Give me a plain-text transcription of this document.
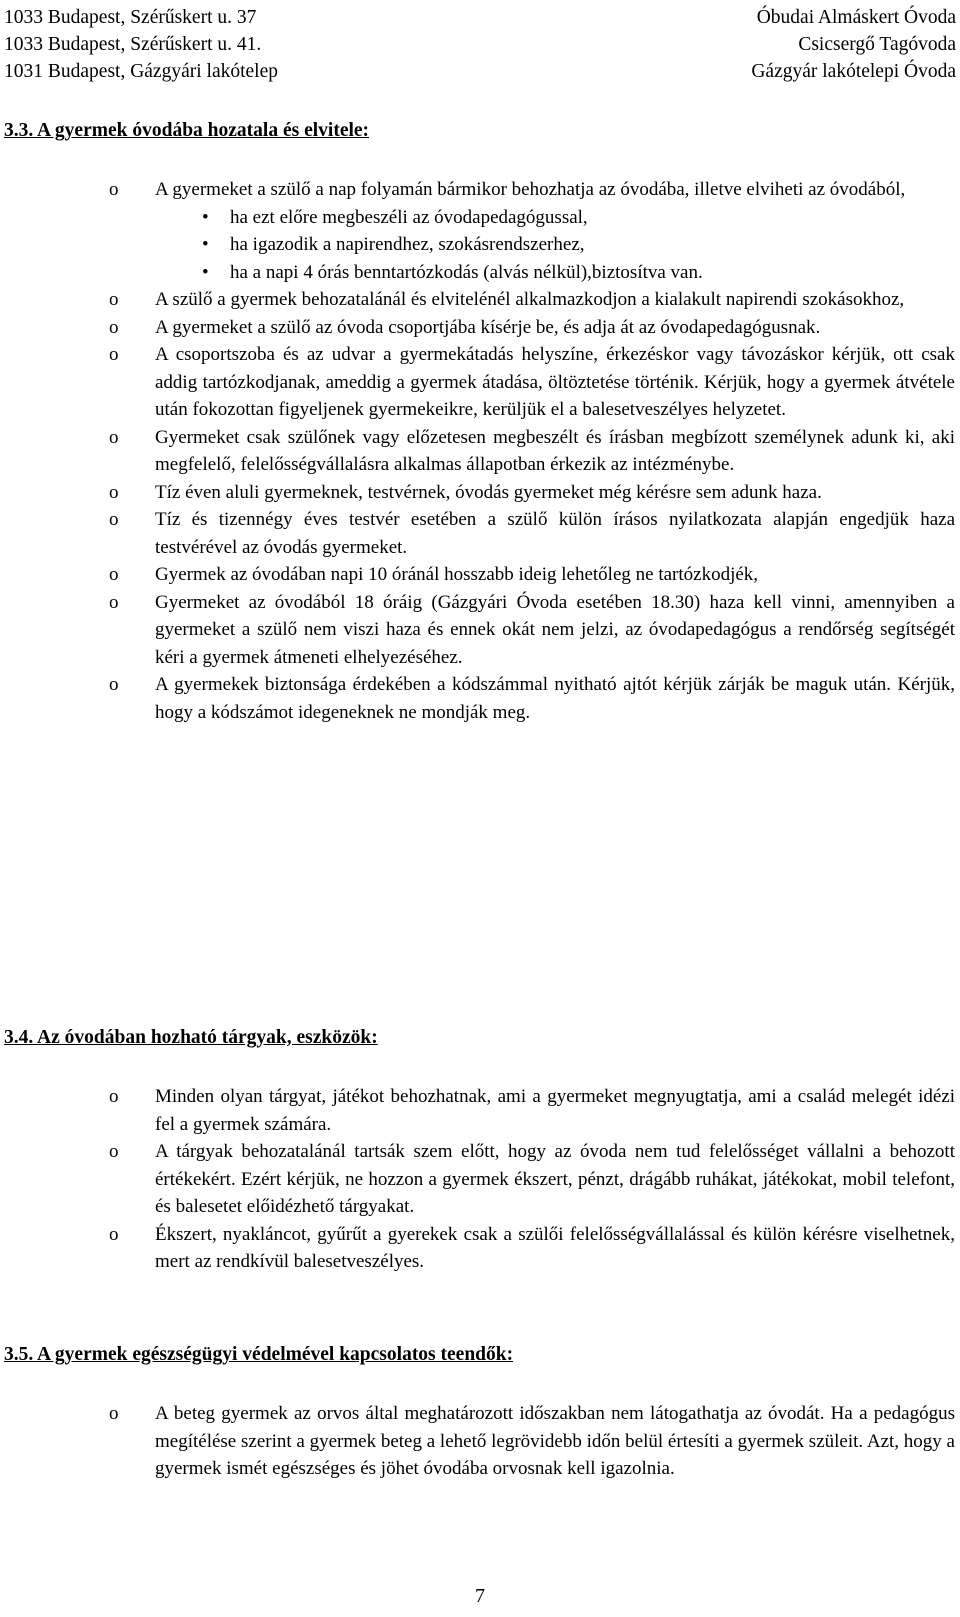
1033 Budapest, Szérűskert u. 37	Óbudai Almáskert Óvoda
1033 Budapest, Szérűskert u. 41.	Csicsergő Tagóvoda
1031 Budapest, Gázgyári lakótelep	Gázgyár lakótelepi Óvoda
3.3. A gyermek óvodába hozatala és elvitele:
o A gyermeket a szülő a nap folyamán bármikor behozhatja az óvodába, illetve elviheti az óvodából,
• ha ezt előre megbeszéli az óvodapedagógussal,
• ha igazodik a napirendhez, szokásrendszerhez,
• ha a napi 4 órás benntartózkodás (alvás nélkül),biztosítva van.
o A szülő a gyermek behozatalánál és elvitelénél alkalmazkodjon a kialakult napirendi szokásokhoz,
o A gyermeket a szülő az óvoda csoportjába kísérje be, és adja át az óvodapedagógusnak.
o A csoportszoba és az udvar a gyermekátadás helyszíne, érkezéskor vagy távozáskor kérjük, ott csak addig tartózkodjanak, ameddig a gyermek átadása, öltöztetése történik. Kérjük, hogy a gyermek átvétele után fokozottan figyeljenek gyermekeikre, kerüljük el a balesetveszélyes helyzetet.
o Gyermeket csak szülőnek vagy előzetesen megbeszélt és írásban megbízott személynek adunk ki, aki megfelelő, felelősségvállalásra alkalmas állapotban érkezik az intézménybe.
o Tíz éven aluli gyermeknek, testvérnek, óvodás gyermeket még kérésre sem adunk haza.
o Tíz és tizennégy éves testvér esetében a szülő külön írásos nyilatkozata alapján engedjük haza testvérével az óvodás gyermeket.
o Gyermek az óvodában napi 10 óránál hosszabb ideig lehetőleg ne tartózkodjék,
o Gyermeket az óvodából 18 óráig (Gázgyári Óvoda esetében 18.30) haza kell vinni, amennyiben a gyermeket a szülő nem viszi haza és ennek okát nem jelzi, az óvodapedagógus a rendőrség segítségét kéri a gyermek átmeneti elhelyezéséhez.
o A gyermekek biztonsága érdekében a kódszámmal nyitható ajtót kérjük zárják be maguk után. Kérjük, hogy a kódszámot idegeneknek ne mondják meg.
3.4. Az óvodában hozható tárgyak, eszközök:
o Minden olyan tárgyat, játékot behozhatnak, ami a gyermeket megnyugtatja, ami a család melegét idézi fel a gyermek számára.
o A tárgyak behozatalánál tartsák szem előtt, hogy az óvoda nem tud felelősséget vállalni a behozott értékekért. Ezért kérjük, ne hozzon a gyermek ékszert, pénzt, drágább ruhákat, játékokat, mobil telefont, és balesetet előidézhető tárgyakat.
o Ékszert, nyakláncot, gyűrűt a gyerekek csak a szülői felelősségvállalással és külön kérésre viselhetnek, mert az rendkívül balesetveszélyes.
3.5. A gyermek egészségügyi védelmével kapcsolatos teendők:
o A beteg gyermek az orvos által meghatározott időszakban nem látogathatja az óvodát. Ha a pedagógus megítélése szerint a gyermek beteg a lehető legrövidebb időn belül értesíti a gyermek szüleit. Azt, hogy a gyermek ismét egészséges és jöhet óvodába orvosnak kell igazolnia.
7
